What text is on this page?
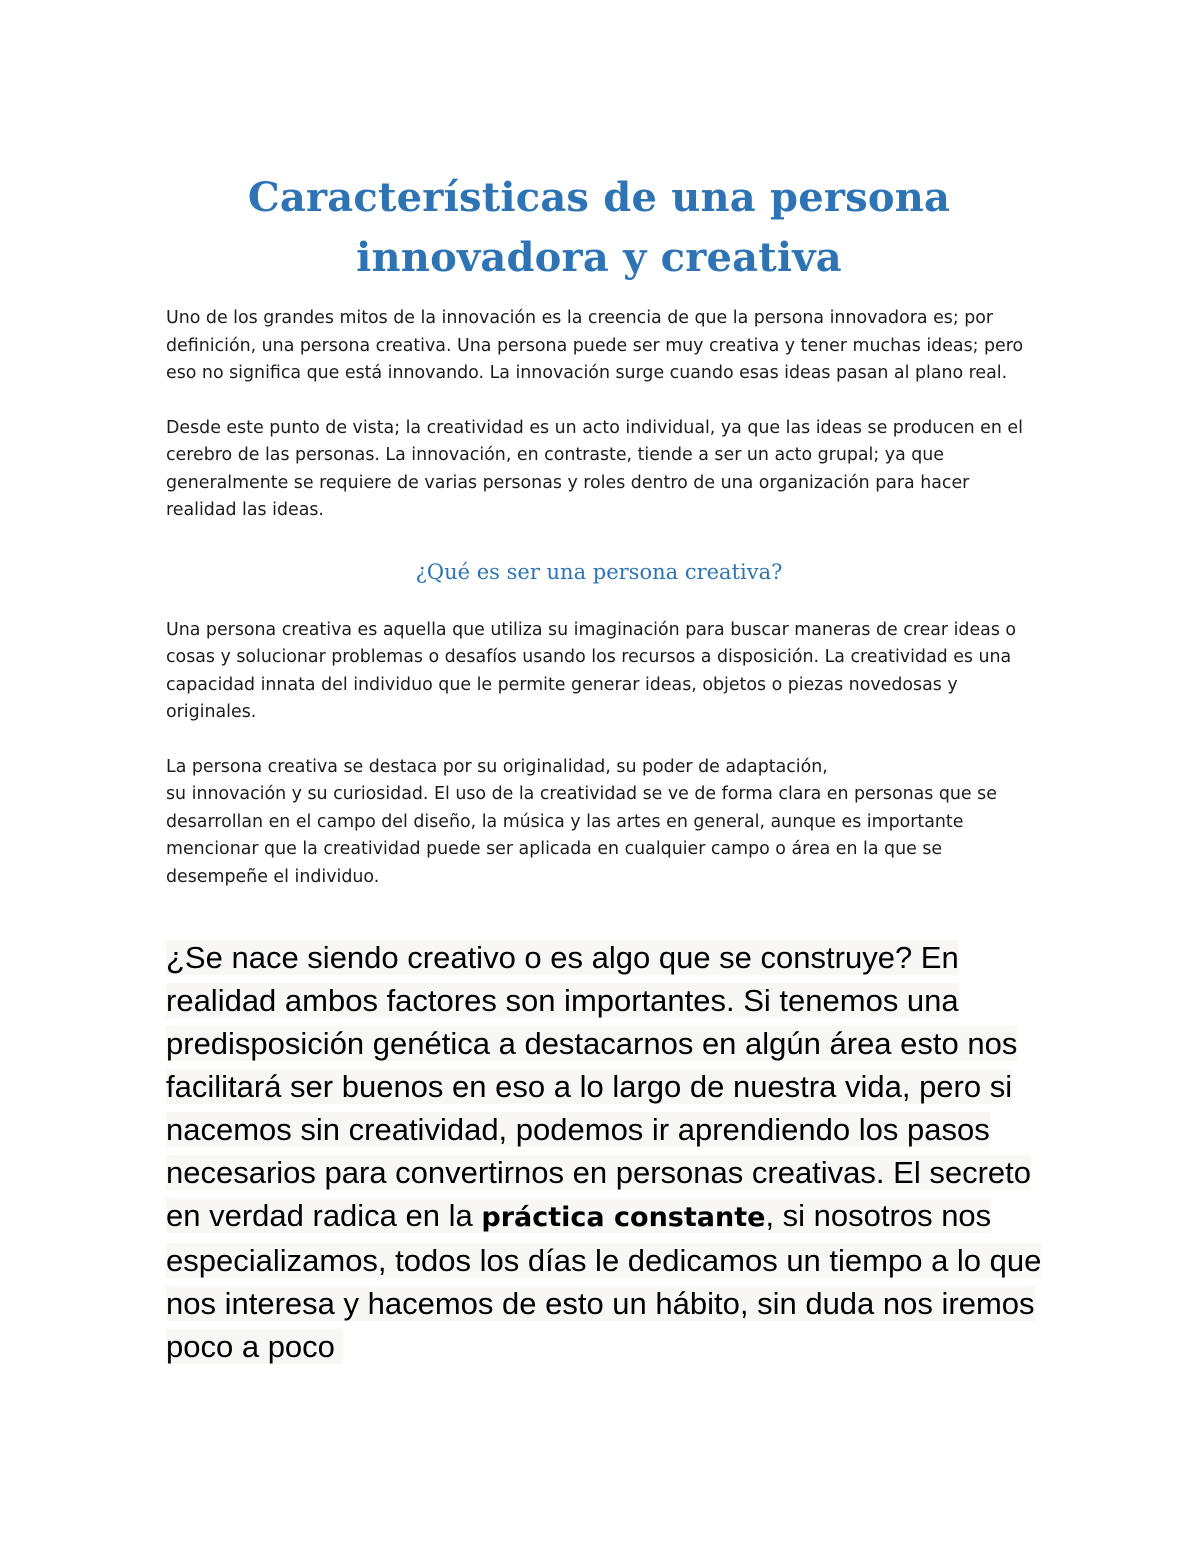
Características de una persona innovadora y creativa

Uno de los grandes mitos de la innovación es la creencia de que la persona innovadora es; por definición, una persona creativa. Una persona puede ser muy creativa y tener muchas ideas; pero eso no significa que está innovando. La innovación surge cuando esas ideas pasan al plano real.

Desde este punto de vista; la creatividad es un acto individual, ya que las ideas se producen en el cerebro de las personas. La innovación, en contraste, tiende a ser un acto grupal; ya que generalmente se requiere de varias personas y roles dentro de una organización para hacer realidad las ideas.

¿Qué es ser una persona creativa?

Una persona creativa es aquella que utiliza su imaginación para buscar maneras de crear ideas o cosas y solucionar problemas o desafíos usando los recursos a disposición. La creatividad es una capacidad innata del individuo que le permite generar ideas, objetos o piezas novedosas y originales.

La persona creativa se destaca por su originalidad, su poder de adaptación,
su innovación y su curiosidad. El uso de la creatividad se ve de forma clara en personas que se desarrollan en el campo del diseño, la música y las artes en general, aunque es importante mencionar que la creatividad puede ser aplicada en cualquier campo o área en la que se desempeñe el individuo.

¿Se nace siendo creativo o es algo que se construye? En realidad ambos factores son importantes. Si tenemos una predisposición genética a destacarnos en algún área esto nos facilitará ser buenos en eso a lo largo de nuestra vida, pero si nacemos sin creatividad, podemos ir aprendiendo los pasos necesarios para convertirnos en personas creativas. El secreto en verdad radica en la práctica constante, si nosotros nos especializamos, todos los días le dedicamos un tiempo a lo que nos interesa y hacemos de esto un hábito, sin duda nos iremos poco a poco
